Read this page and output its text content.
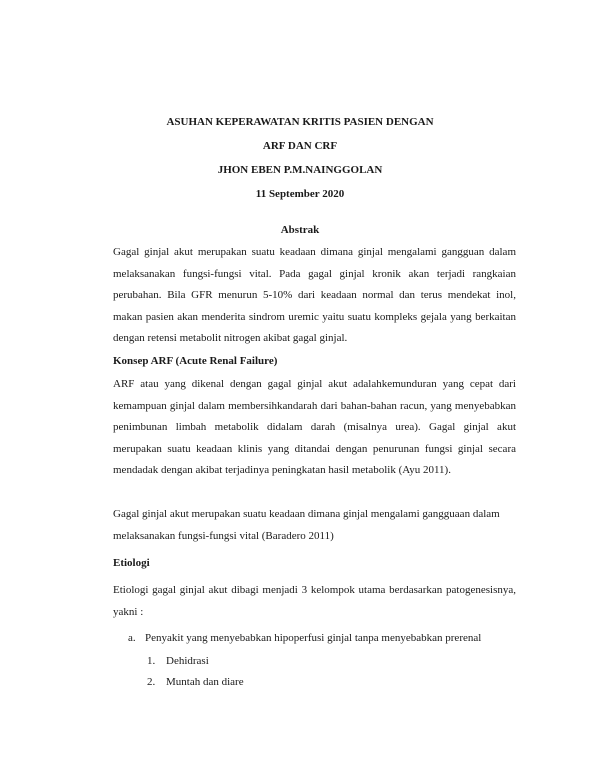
ASUHAN KEPERAWATAN KRITIS PASIEN DENGAN
ARF DAN CRF
JHON EBEN P.M.NAINGGOLAN
11 September 2020
Abstrak
Gagal ginjal akut merupakan suatu keadaan dimana ginjal mengalami gangguan dalam melaksanakan fungsi-fungsi vital. Pada gagal ginjal kronik akan terjadi rangkaian perubahan. Bila GFR menurun 5-10% dari keadaan normal dan terus mendekat inol, makan pasien akan menderita sindrom uremic yaitu suatu kompleks gejala yang berkaitan dengan retensi metabolit nitrogen akibat gagal ginjal.
Konsep ARF (Acute Renal Failure)
ARF atau yang dikenal dengan gagal ginjal akut adalahkemunduran yang cepat dari kemampuan ginjal dalam membersihkandarah dari bahan-bahan racun, yang menyebabkan penimbunan limbah metabolik didalam darah (misalnya urea). Gagal ginjal akut merupakan suatu keadaan klinis yang ditandai dengan penurunan fungsi ginjal secara mendadak dengan akibat terjadinya peningkatan hasil metabolik (Ayu 2011).
Gagal ginjal akut merupakan suatu keadaan dimana ginjal mengalami gangguaan dalam melaksanakan fungsi-fungsi vital (Baradero 2011)
Etiologi
Etiologi gagal ginjal akut dibagi menjadi 3 kelompok utama berdasarkan patogenesisnya, yakni :
a. Penyakit yang menyebabkan hipoperfusi ginjal tanpa menyebabkan prerenal
1. Dehidrasi
2. Muntah dan diare
